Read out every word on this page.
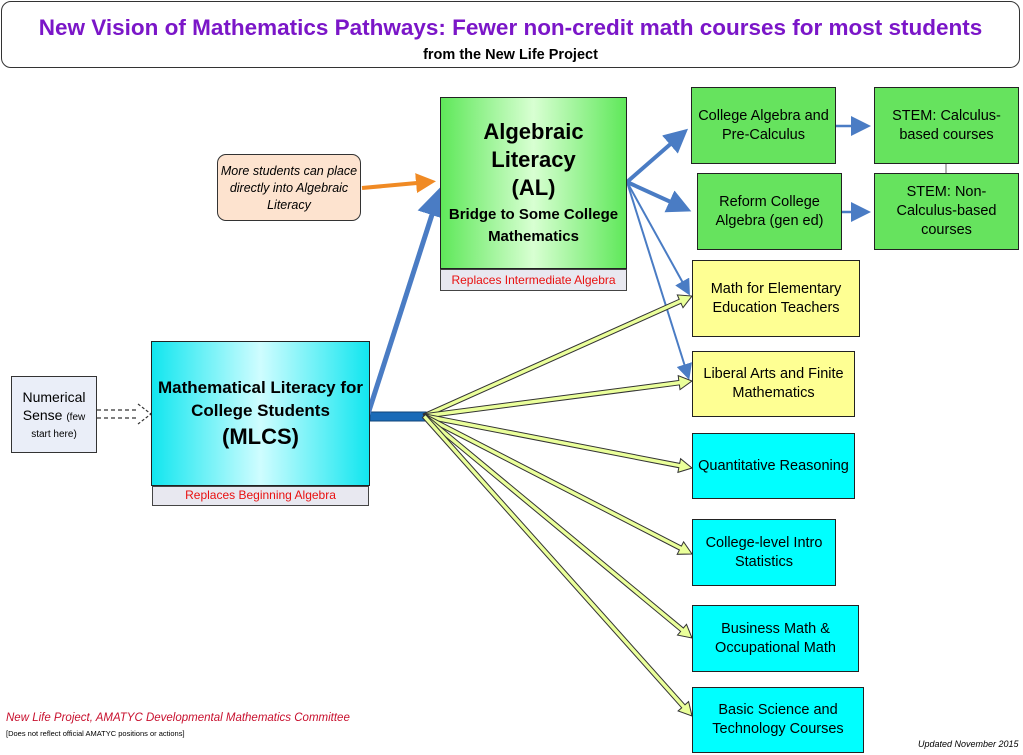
New Vision of Mathematics Pathways: Fewer non-credit math courses for most students
from the New Life Project
Numerical Sense (few start here)
Mathematical Literacy for College Students
(MLCS)
Replaces Beginning Algebra
More students can place directly into Algebraic Literacy
Algebraic Literacy
(AL)
Bridge to Some College Mathematics
Replaces Intermediate Algebra
College Algebra and Pre-Calculus
Reform College Algebra (gen ed)
STEM: Calculus-based courses
STEM: Non-Calculus-based courses
Math for Elementary Education Teachers
Liberal Arts and Finite Mathematics
Quantitative Reasoning
College-level Intro Statistics
Business Math & Occupational Math
Basic Science and Technology Courses
New Life Project, AMATYC Developmental Mathematics Committee
[Does not reflect official AMATYC positions or actions]
Updated November 2015
